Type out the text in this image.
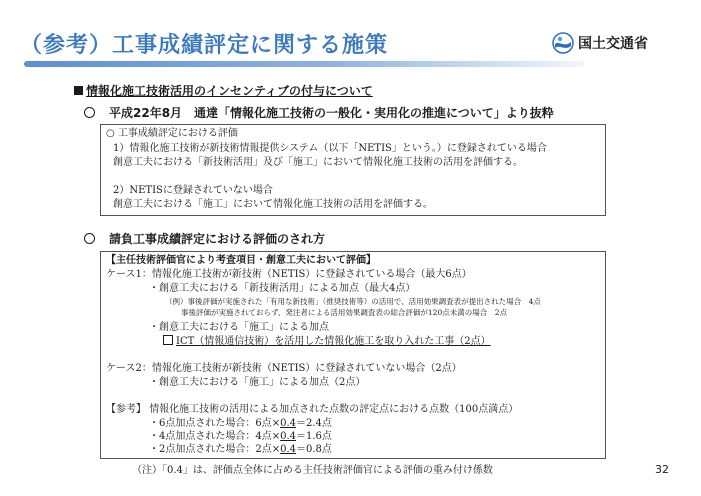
（参考）工事成績評定に関する施策	国土交通省
情報化施工技術活用のインセンティブの付与について
平成22年8月　通達「情報化施工技術の一般化・実用化の推進について」より抜粋
○ 工事成績評定における評価
1）情報化施工技術が新技術情報提供システム（以下「NETIS」という。）に登録されている場合
創意工夫における「新技術活用」及び「施工」において情報化施工技術の活用を評価する。
2）NETISに登録されていない場合
創意工夫における「施工」において情報化施工技術の活用を評価する。
請負工事成績評定における評価のされ方
【主任技術評価官により考査項目・創意工夫において評価】
ケース1：情報化施工技術が新技術（NETIS）に登録されている場合（最大6点）
・創意工夫における「新技術活用」による加点（最大4点）
（例）事後評価が実施された「有用な新技術」（推奨技術等）の活用で、活用効果調査表が提出された場合　4点
事後評価が実施されておらず、発注者による活用効果調査表の総合評価が120点未満の場合　2点
・創意工夫における「施工」による加点
ICT（情報通信技術）を活用した情報化施工を取り入れた工事（2点）
ケース2：情報化施工技術が新技術（NETIS）に登録されていない場合（2点）
・創意工夫における「施工」による加点（2点）
【参考】 情報化施工技術の活用による加点された点数の評定点における点数（100点満点）
・6点加点された場合：6点×0.4＝2.4点
・4点加点された場合：4点×0.4＝1.6点
・2点加点された場合：2点×0.4＝0.8点
（注）「0.4」は、評価点全体に占める主任技術評価官による評価の重み付け係数	32
